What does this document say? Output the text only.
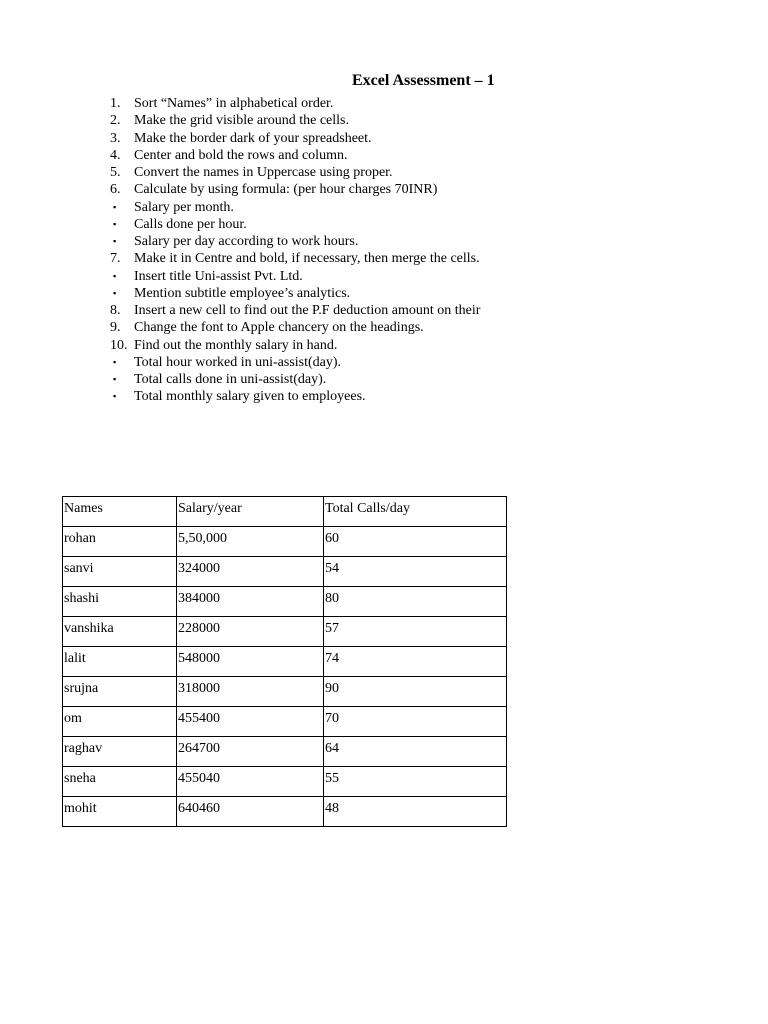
Excel Assessment – 1
1. Sort “Names” in alphabetical order.
2. Make the grid visible around the cells.
3. Make the border dark of your spreadsheet.
4. Center and bold the rows and column.
5. Convert the names in Uppercase using proper.
6. Calculate by using formula: (per hour charges 70INR)
▪	Salary per month.
▪	Calls done per hour.
▪	Salary per day according to work hours.
7. Make it in Centre and bold, if necessary, then merge the cells.
▪	Insert title Uni-assist Pvt. Ltd.
▪	Mention subtitle employee’s analytics.
8. Insert a new cell to find out the P.F deduction amount on their
9. Change the font to Apple chancery on the headings.
10. Find out the monthly salary in hand.
▪	Total hour worked in uni-assist(day).
▪	Total calls done in uni-assist(day).
▪	Total monthly salary given to employees.
Names	Salary/year	Total Calls/day
rohan	5,50,000	60
sanvi	324000	54
shashi	384000	80
vanshika	228000	57
lalit	548000	74
srujna	318000	90
om	455400	70
raghav	264700	64
sneha	455040	55
mohit	640460	48
